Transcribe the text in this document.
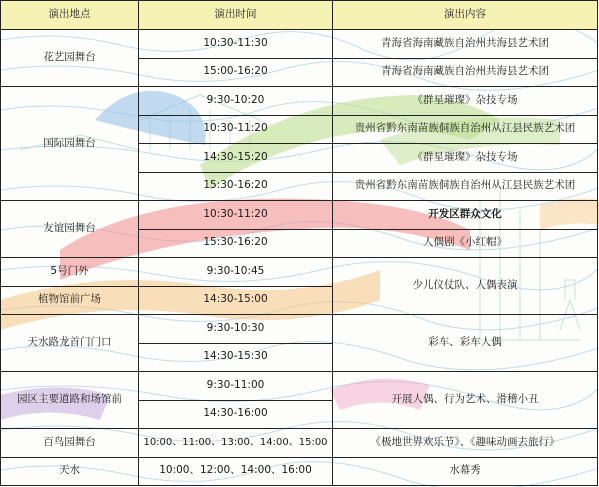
演出地点	演出时间	演出内容
花艺园舞台	10:30-11:30	青海省海南藏族自治州共海县艺术团
	15:00-16:20	青海省海南藏族自治州共海县艺术团
国际园舞台	9:30-10:20	《群星璀璨》杂技专场
	10:30-11:20	贵州省黔东南苗族侗族自治州从江县民族艺术团
	14:30-15:20	《群星璀璨》杂技专场
	15:30-16:20	贵州省黔东南苗族侗族自治州从江县民族艺术团
友谊园舞台	10:30-11:20	开发区群众文化
	15:30-16:20	人偶剧《小红帽》
5号门外	9:30-10:45	少儿仪仗队、人偶表演
植物馆前广场	14:30-15:00	
天水路龙首门门口	9:30-10:30	彩车、彩车人偶
	14:30-15:30	
园区主要道路和场馆前	9:30-11:00	开展人偶、行为艺术、滑稽小丑
	14:30-16:00	
百鸟园舞台	10:00、11:00、13:00、14:00、15:00	《极地世界欢乐节》、《趣味动画去旅行》
天水	10:00、12:00、14:00、16:00	水幕秀
